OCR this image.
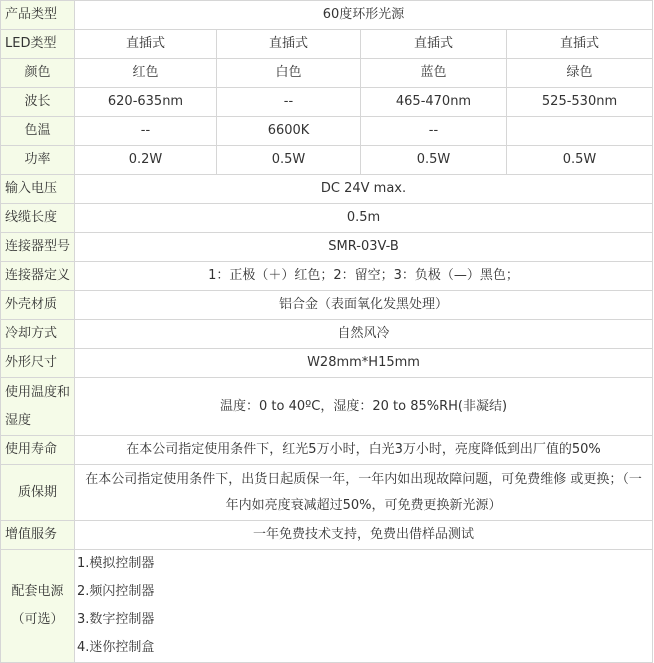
产品类型	60度环形光源			
LED类型	直插式	直插式	直插式	直插式
颜色	红色	白色	蓝色	绿色
波长	620-635nm	--	465-470nm	525-530nm
色温	--	6600K	--	
功率	0.2W	0.5W	0.5W	0.5W
输入电压	DC 24V max.			
线缆长度	0.5m			
连接器型号	SMR-03V-B			
连接器定义	1：正极（＋）红色；2：留空；3：负极（—）黑色；			
外壳材质	铝合金（表面氧化发黑处理）			
冷却方式	自然风冷			
外形尺寸	W28mm*H15mm			
使用温度和湿度	温度：0 to 40ºC，湿度：20 to 85%RH(非凝结)			
使用寿命	在本公司指定使用条件下，红光5万小时，白光3万小时，亮度降低到出厂值的50%			
质保期	在本公司指定使用条件下，出货日起质保一年，一年内如出现故障问题，可免费维修 或更换；（一年内如亮度衰减超过50%，可免费更换新光源）			
增值服务	一年免费技术支持，免费出借样品测试			
配套电源（可选）	1.模拟控制器
2.频闪控制器
3.数字控制器
4.迷你控制盒			
